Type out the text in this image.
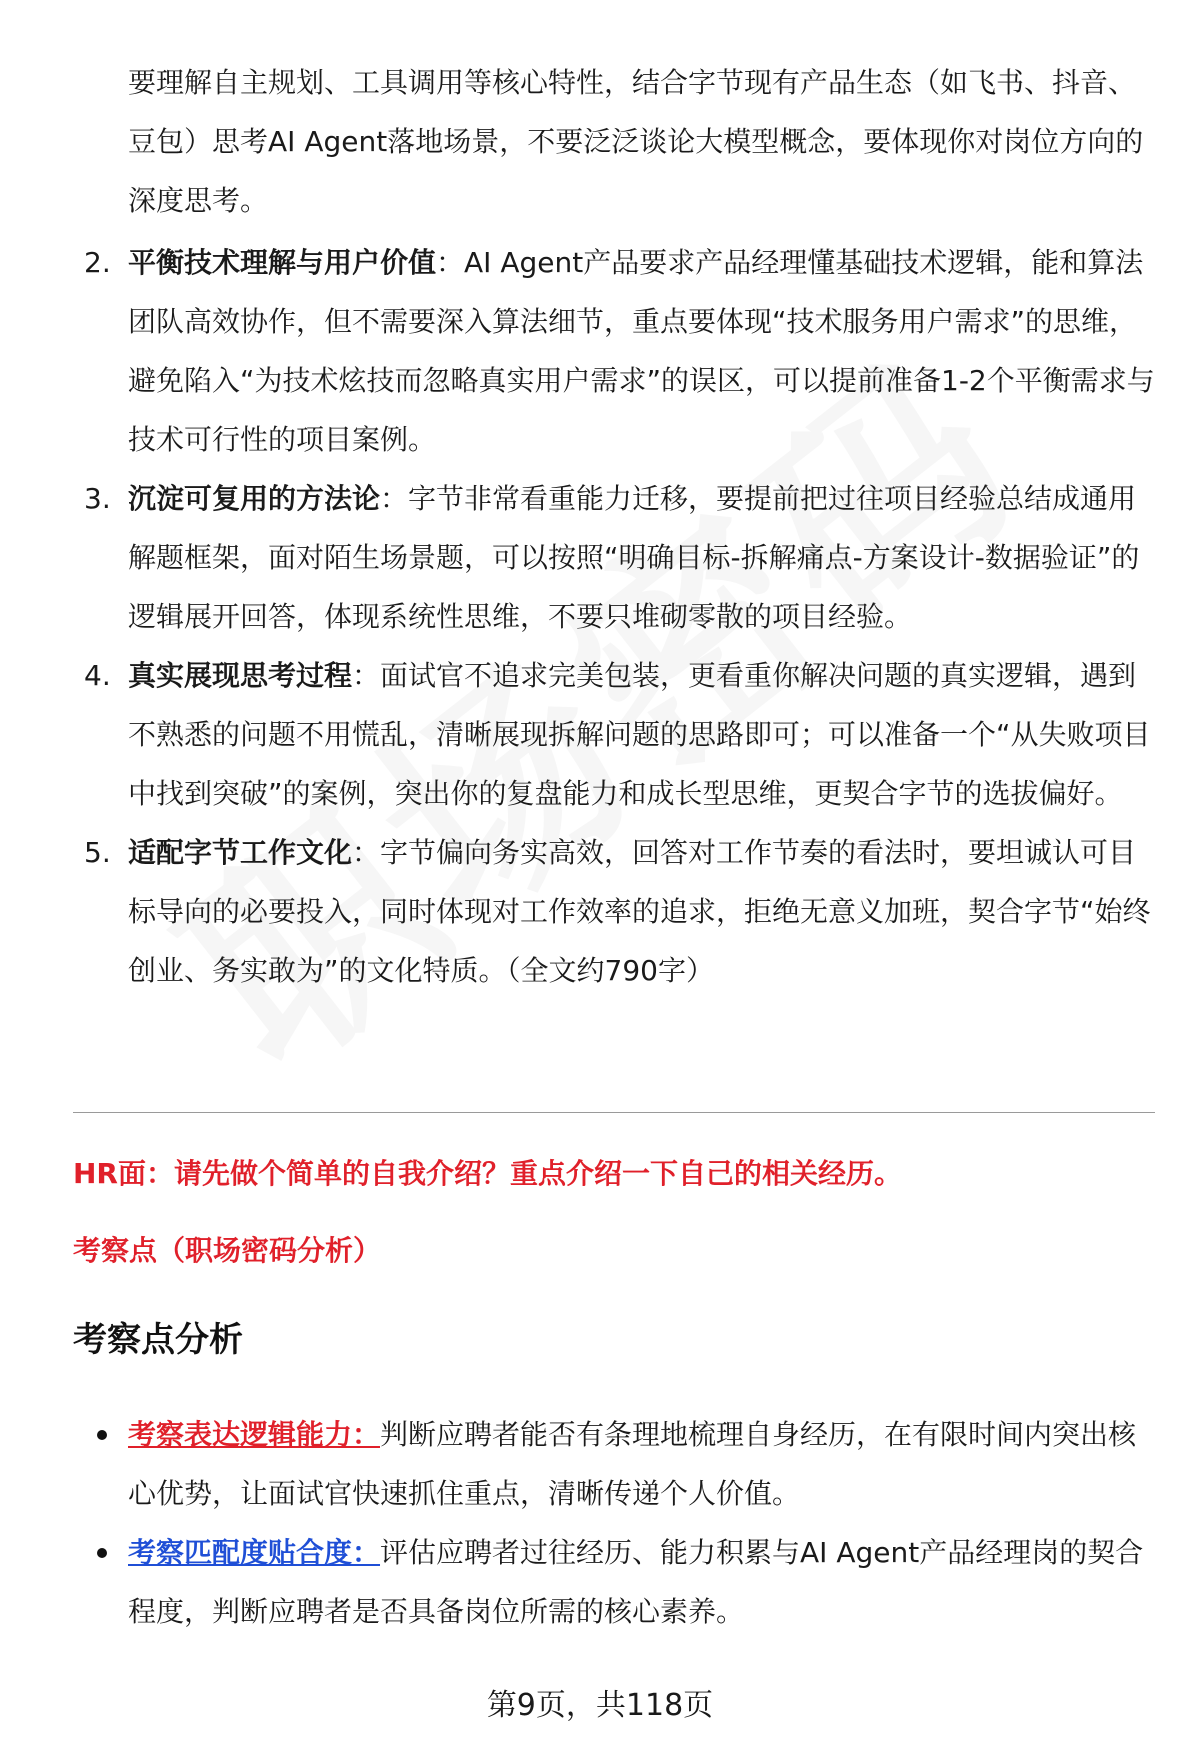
要理解自主规划、工具调用等核心特性，结合字节现有产品生态（如飞书、抖音、豆包）思考AI Agent落地场景，不要泛泛谈论大模型概念，要体现你对岗位方向的深度思考。

2. 平衡技术理解与用户价值：AI Agent产品要求产品经理懂基础技术逻辑，能和算法团队高效协作，但不需要深入算法细节，重点要体现“技术服务用户需求”的思维，避免陷入“为技术炫技而忽略真实用户需求”的误区，可以提前准备1-2个平衡需求与技术可行性的项目案例。
3. 沉淀可复用的方法论：字节非常看重能力迁移，要提前把过往项目经验总结成通用解题框架，面对陌生场景题，可以按照“明确目标-拆解痛点-方案设计-数据验证”的逻辑展开回答，体现系统性思维，不要只堆砌零散的项目经验。
4. 真实展现思考过程：面试官不追求完美包装，更看重你解决问题的真实逻辑，遇到不熟悉的问题不用慌乱，清晰展现拆解问题的思路即可；可以准备一个“从失败项目中找到突破”的案例，突出你的复盘能力和成长型思维，更契合字节的选拔偏好。
5. 适配字节工作文化：字节偏向务实高效，回答对工作节奏的看法时，要坦诚认可目标导向的必要投入，同时体现对工作效率的追求，拒绝无意义加班，契合字节“始终创业、务实敢为”的文化特质。（全文约790字）

HR面：请先做个简单的自我介绍？重点介绍一下自己的相关经历。

考察点（职场密码分析）

考察点分析
考察表达逻辑能力：判断应聘者能否有条理地梳理自身经历，在有限时间内突出核心优势，让面试官快速抓住重点，清晰传递个人价值。
考察匹配度贴合度：评估应聘者过往经历、能力积累与AI Agent产品经理岗的契合程度，判断应聘者是否具备岗位所需的核心素养。
第9页，共118页
